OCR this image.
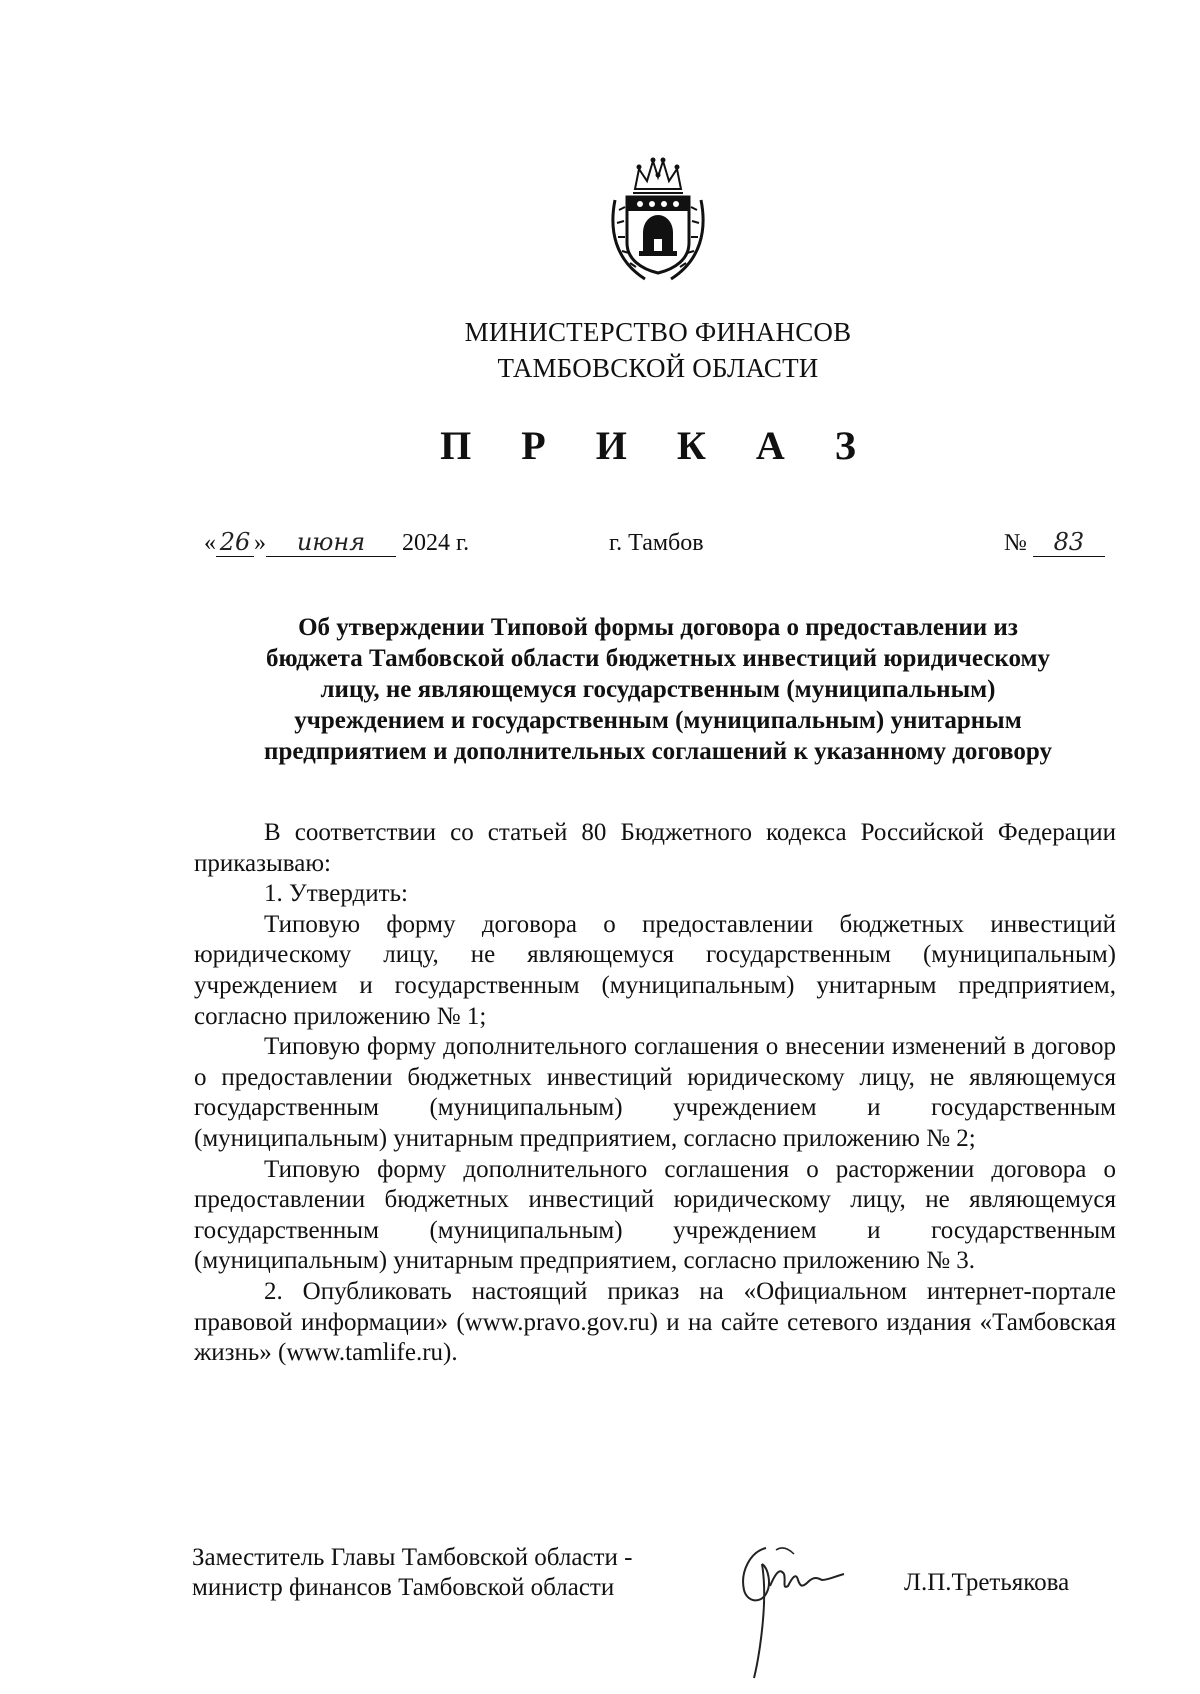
МИНИСТЕРСТВО ФИНАНСОВ
ТАМБОВСКОЙ ОБЛАСТИ
П Р И К А З
« 26 » июня 2024 г.	г. Тамбов	№ 83
Об утверждении Типовой формы договора о предоставлении из
бюджета Тамбовской области бюджетных инвестиций юридическому
лицу, не являющемуся государственным (муниципальным)
учреждением и государственным (муниципальным) унитарным
предприятием и дополнительных соглашений к указанному договору

В соответствии со статьей 80 Бюджетного кодекса Российской Федерации приказываю:

1. Утвердить:

Типовую форму договора о предоставлении бюджетных инвестиций юридическому лицу, не являющемуся государственным (муниципальным) учреждением и государственным (муниципальным) унитарным предприятием, согласно приложению № 1;

Типовую форму дополнительного соглашения о внесении изменений в договор о предоставлении бюджетных инвестиций юридическому лицу, не являющемуся государственным (муниципальным) учреждением и государственным (муниципальным) унитарным предприятием, согласно приложению № 2;

Типовую форму дополнительного соглашения о расторжении договора о предоставлении бюджетных инвестиций юридическому лицу, не являющемуся государственным (муниципальным) учреждением и государственным (муниципальным) унитарным предприятием, согласно приложению № 3.

2. Опубликовать настоящий приказ на «Официальном интернет-портале правовой информации» (www.pravo.gov.ru) и на сайте сетевого издания «Тамбовская жизнь» (www.tamlife.ru).

Заместитель Главы Тамбовской области -
министр финансов Тамбовской области	Л.П.Третьякова
